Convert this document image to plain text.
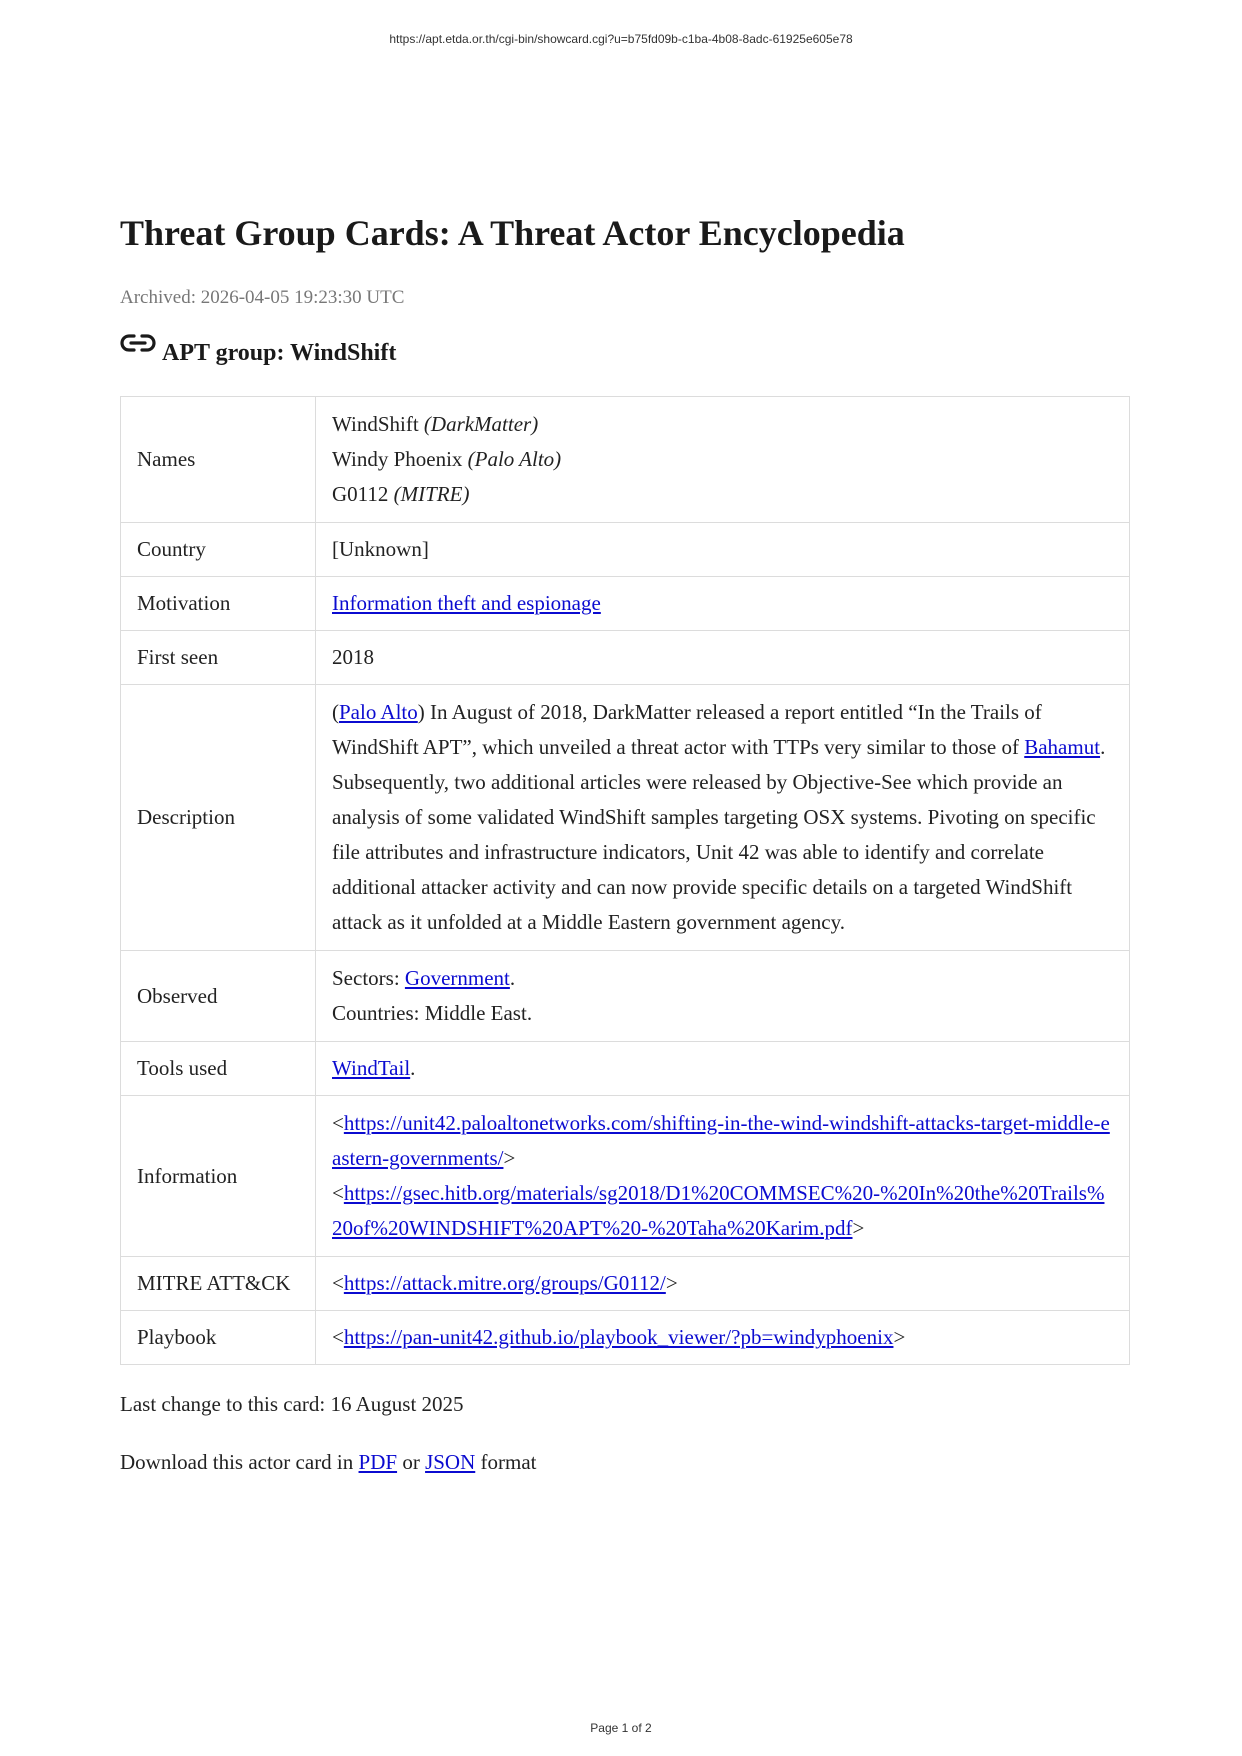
https://apt.etda.or.th/cgi-bin/showcard.cgi?u=b75fd09b-c1ba-4b08-8adc-61925e605e78
Threat Group Cards: A Threat Actor Encyclopedia
Archived: 2026-04-05 19:23:30 UTC
APT group: WindShift
Names	WindShift (DarkMatter)
Windy Phoenix (Palo Alto)
G0112 (MITRE)

Country	[Unknown]
Motivation	Information theft and espionage
First seen	2018
Description	(Palo Alto) In August of 2018, DarkMatter released a report entitled “In the Trails of WindShift APT”, which unveiled a threat actor with TTPs very similar to those of Bahamut. Subsequently, two additional articles were released by Objective-See which provide an analysis of some validated WindShift samples targeting OSX systems. Pivoting on specific file attributes and infrastructure indicators, Unit 42 was able to identify and correlate additional attacker activity and can now provide specific details on a targeted WindShift attack as it unfolded at a Middle Eastern government agency.
Observed	Sectors: Government.
Countries: Middle East.

Tools used	WindTail.
Information	<https://unit42.paloaltonetworks.com/shifting-in-the-wind-windshift-attacks-target-middle-eastern-governments/>
<https://gsec.hitb.org/materials/sg2018/D1%20COMMSEC%20-%20In%20the%20Trails%20of%20WINDSHIFT%20APT%20-%20Taha%20Karim.pdf>

MITRE ATT&CK	<https://attack.mitre.org/groups/G0112/>
Playbook	<https://pan-unit42.github.io/playbook_viewer/?pb=windyphoenix>
Last change to this card: 16 August 2025
Download this actor card in PDF or JSON format
Page 1 of 2
